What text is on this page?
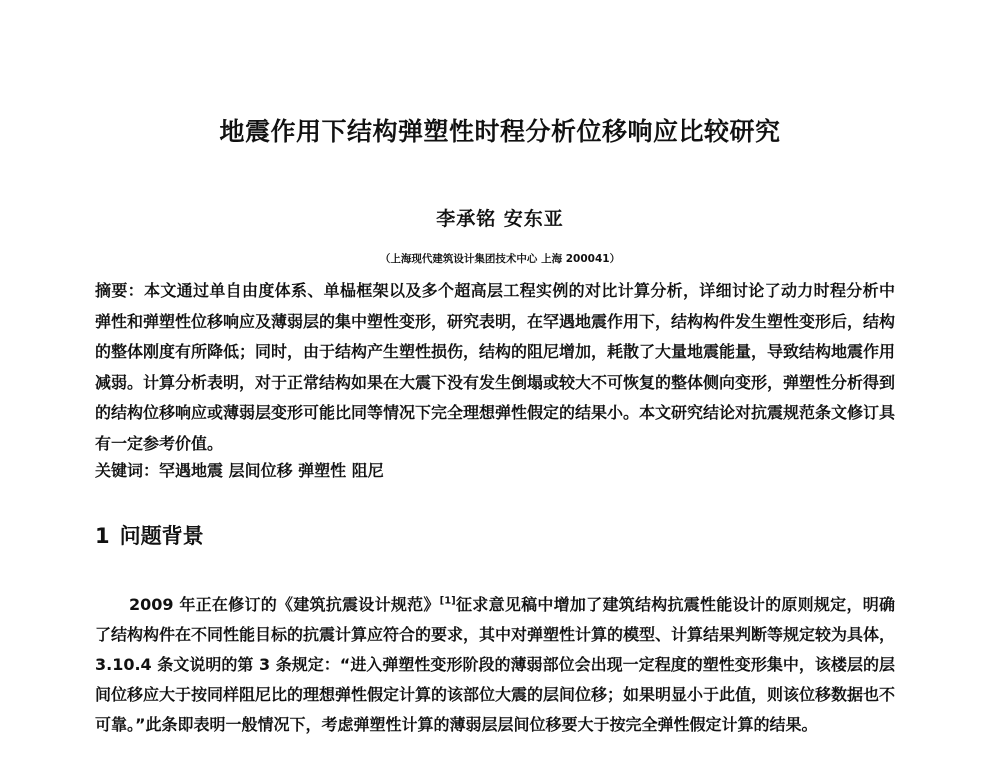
地震作用下结构弹塑性时程分析位移响应比较研究
李承铭 安东亚
（上海现代建筑设计集团技术中心 上海 200041）
摘要：本文通过单自由度体系、单榀框架以及多个超高层工程实例的对比计算分析，详细讨论了动力时程分析中弹性和弹塑性位移响应及薄弱层的集中塑性变形，研究表明，在罕遇地震作用下，结构构件发生塑性变形后，结构的整体刚度有所降低；同时，由于结构产生塑性损伤，结构的阻尼增加，耗散了大量地震能量，导致结构地震作用减弱。计算分析表明，对于正常结构如果在大震下没有发生倒塌或较大不可恢复的整体侧向变形，弹塑性分析得到的结构位移响应或薄弱层变形可能比同等情况下完全理想弹性假定的结果小。本文研究结论对抗震规范条文修订具有一定参考价值。
关键词：罕遇地震 层间位移 弹塑性 阻尼
1 问题背景
2009 年正在修订的《建筑抗震设计规范》[1]征求意见稿中增加了建筑结构抗震性能设计的原则规定，明确了结构构件在不同性能目标的抗震计算应符合的要求，其中对弹塑性计算的模型、计算结果判断等规定较为具体，3.10.4 条文说明的第 3 条规定：“进入弹塑性变形阶段的薄弱部位会出现一定程度的塑性变形集中，该楼层的层间位移应大于按同样阻尼比的理想弹性假定计算的该部位大震的层间位移；如果明显小于此值，则该位移数据也不可靠。”此条即表明一般情况下，考虑弹塑性计算的薄弱层层间位移要大于按完全弹性假定计算的结果。
